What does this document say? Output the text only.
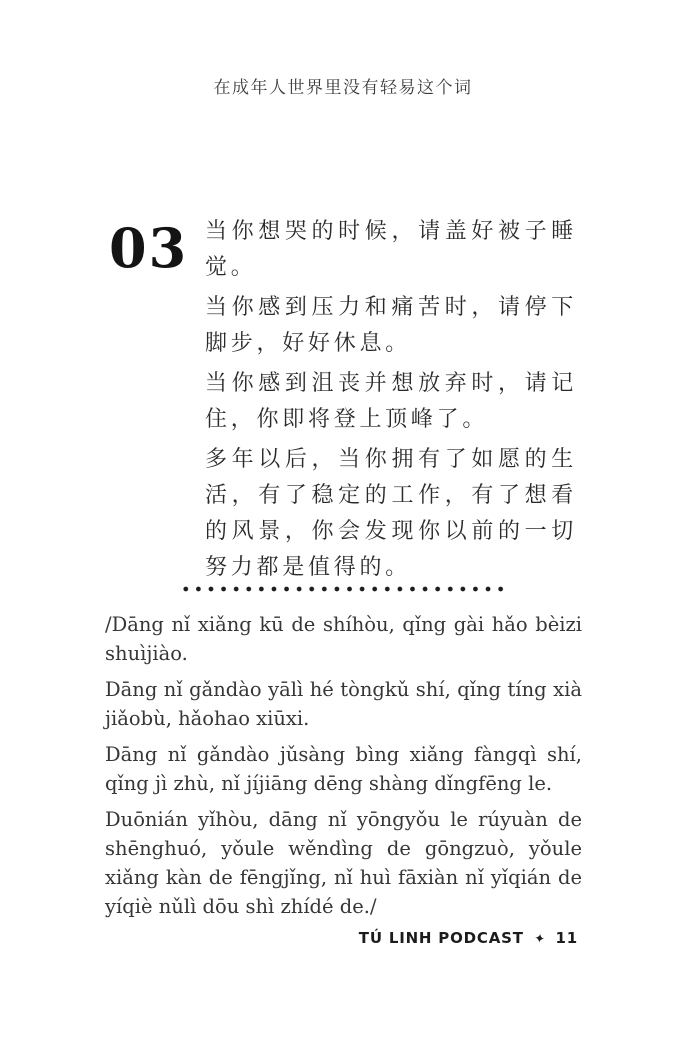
在成年人世界里没有轻易这个词
03 当你想哭的时候，请盖好被子睡觉。

当你感到压力和痛苦时，请停下脚步，好好休息。

当你感到沮丧并想放弃时，请记住，你即将登上顶峰了。

多年以后，当你拥有了如愿的生活，有了稳定的工作，有了想看的风景，你会发现你以前的一切努力都是值得的。

/Dāng nǐ xiǎng kū de shíhòu, qǐng gài hǎo bèizi shuìjiào.

Dāng nǐ gǎndào yālì hé tòngkǔ shí, qǐng tíng xià jiǎobù, hǎohao xiūxi.

Dāng nǐ gǎndào jǔsàng bìng xiǎng fàngqì shí, qǐng jì zhù, nǐ jíjiāng dēng shàng dǐngfēng le.

Duōnián yǐhòu, dāng nǐ yōngyǒu le rúyuàn de shēnghuó, yǒule wěndìng de gōngzuò, yǒule xiǎng kàn de fēngjǐng, nǐ huì fāxiàn nǐ yǐqián de yíqiè nǔlì dōu shì zhídé de./

TÚ LINH PODCAST ✦ 11
